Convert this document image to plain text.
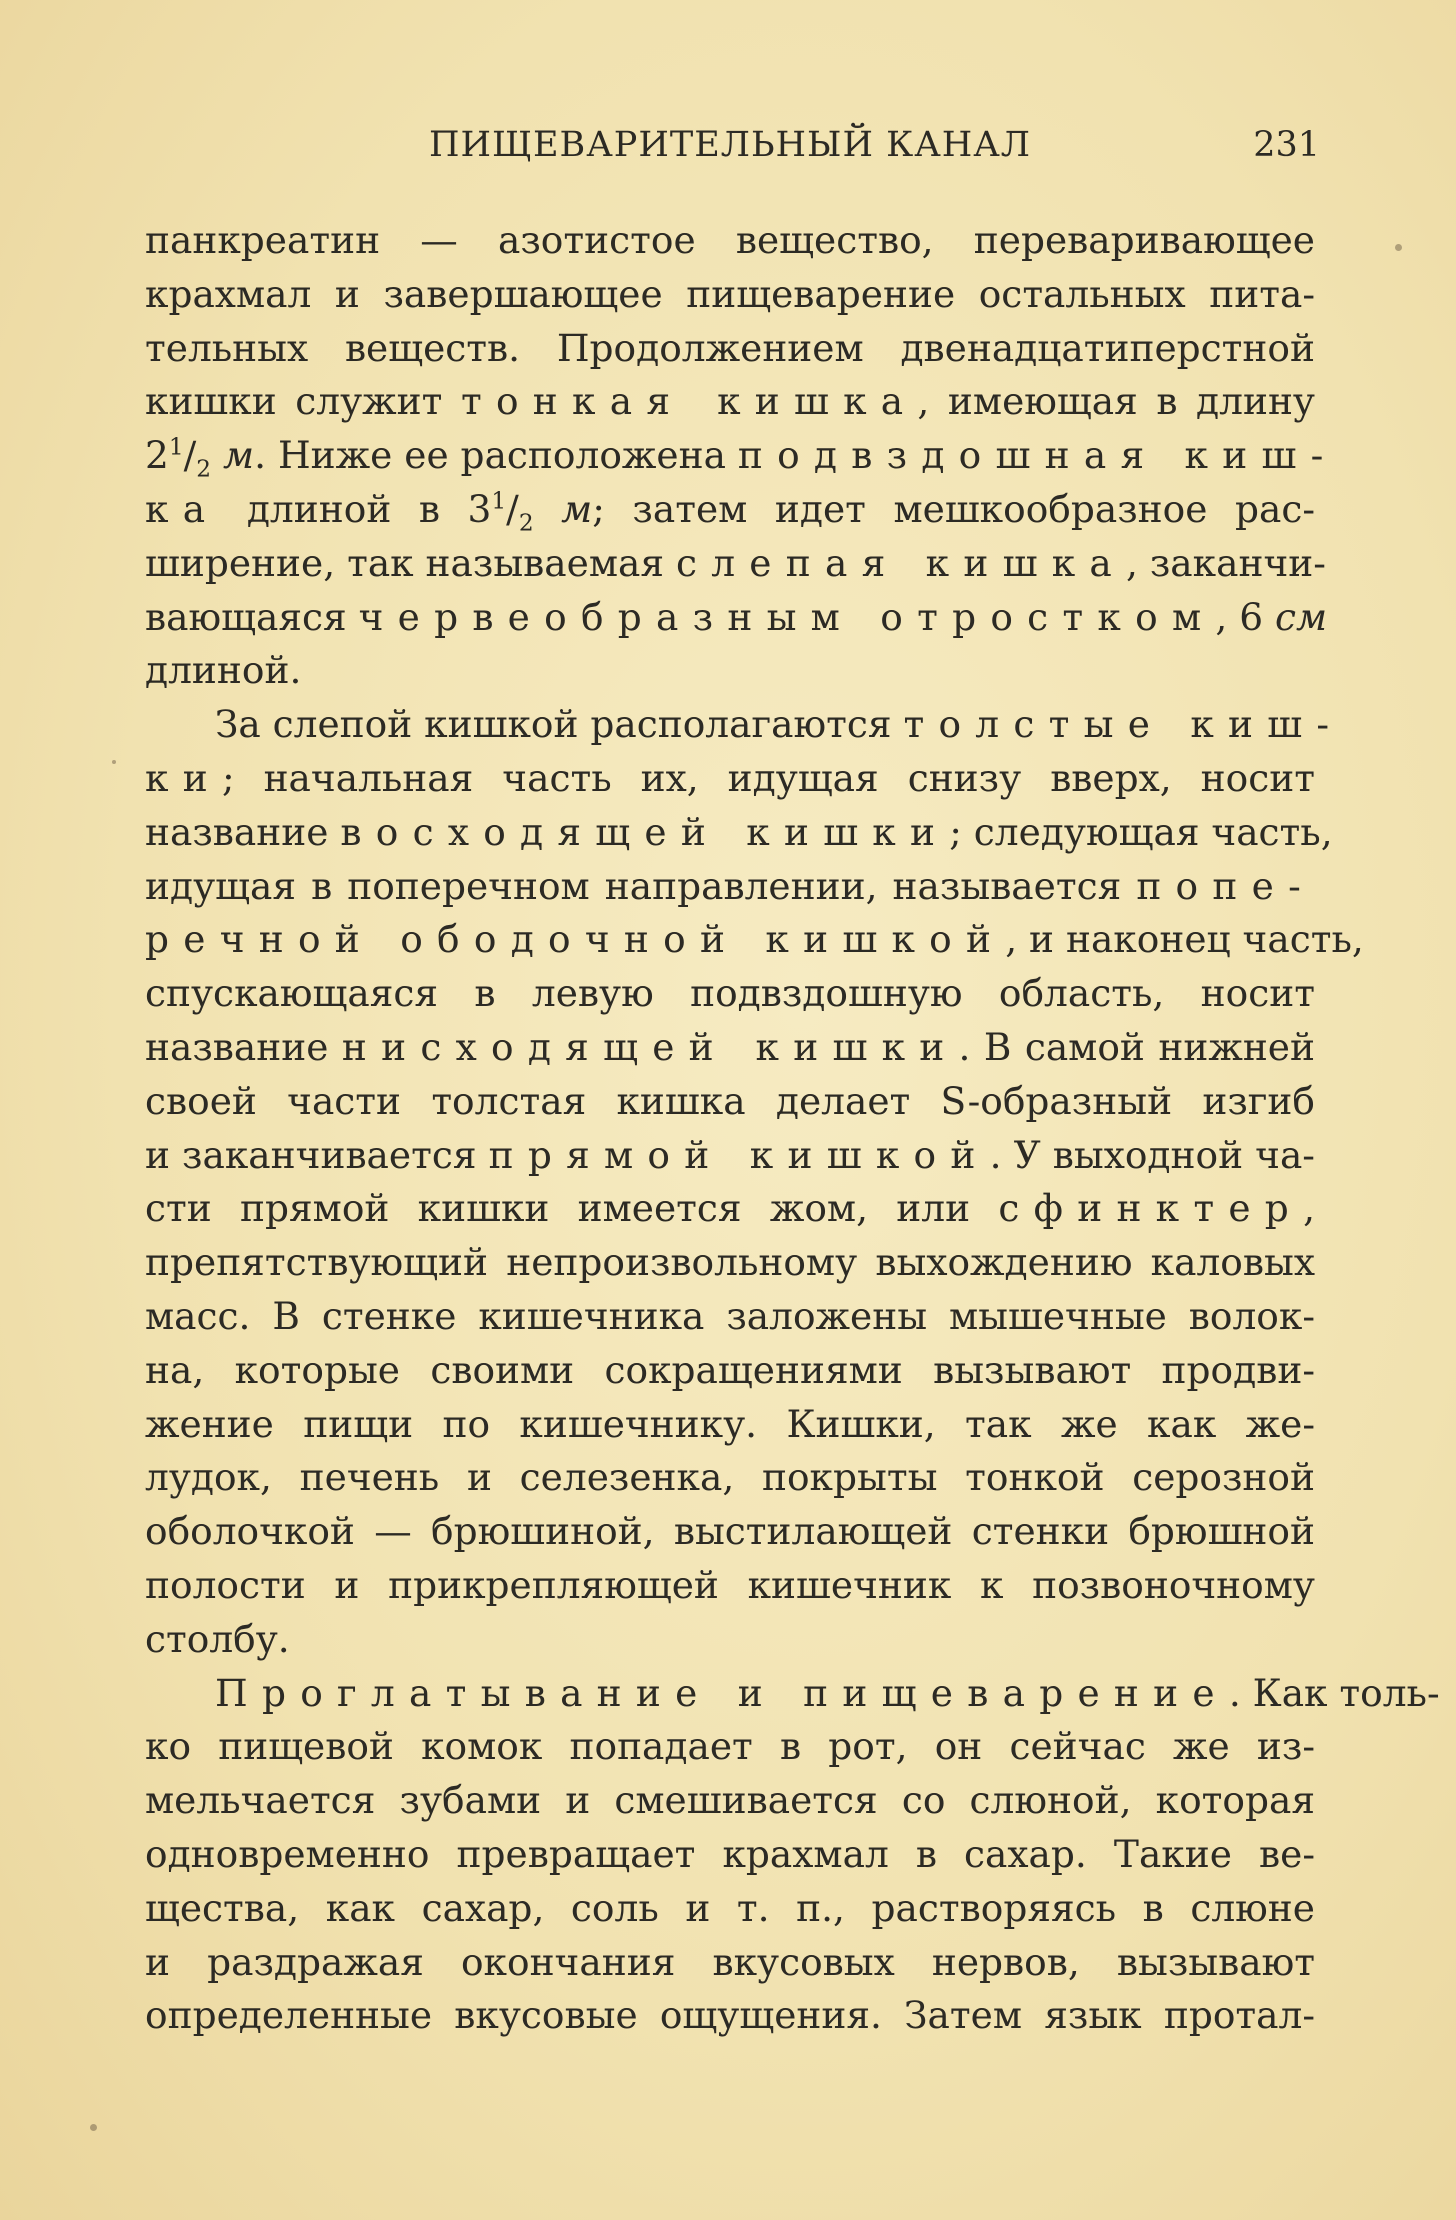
ПИЩЕВАРИТЕЛЬНЫЙ КАНАЛ	231
панкреатин — азотистое вещество, переваривающее
крахмал и завершающее пищеварение остальных пита-
тельных веществ. Продолжением двенадцатиперстной
кишки служит тонкая кишка, имеющая в длину
$2^1/_2$ м. Ниже ее расположена подвздошная киш-
ка длиной в $3^1/_2$ м; затем идет мешкообразное рас-
ширение, так называемая слепая кишка, заканчи-
вающаяся червеобразным отростком, 6 см
длиной.
За слепой кишкой располагаются толстые киш-
ки; начальная часть их, идущая снизу вверх, носит
название восходящей кишки; следующая часть,
идущая в поперечном направлении, называется попе-
речной ободочной кишкой, и наконец часть,
спускающаяся в левую подвздошную область, носит
название нисходящей кишки. В самой нижней
своей части толстая кишка делает S-образный изгиб
и заканчивается прямой кишкой. У выходной ча-
сти прямой кишки имеется жом, или сфинктер,
препятствующий непроизвольному выхождению каловых
масс. В стенке кишечника заложены мышечные волок-
на, которые своими сокращениями вызывают продви-
жение пищи по кишечнику. Кишки, так же как же-
лудок, печень и селезенка, покрыты тонкой серозной
оболочкой — брюшиной, выстилающей стенки брюшной
полости и прикрепляющей кишечник к позвоночному
столбу.
Проглатывание и пищеварение. Как толь-
ко пищевой комок попадает в рот, он сейчас же из-
мельчается зубами и смешивается со слюной, которая
одновременно превращает крахмал в сахар. Такие ве-
щества, как сахар, соль и т. п., растворяясь в слюне
и раздражая окончания вкусовых нервов, вызывают
определенные вкусовые ощущения. Затем язык протал-
